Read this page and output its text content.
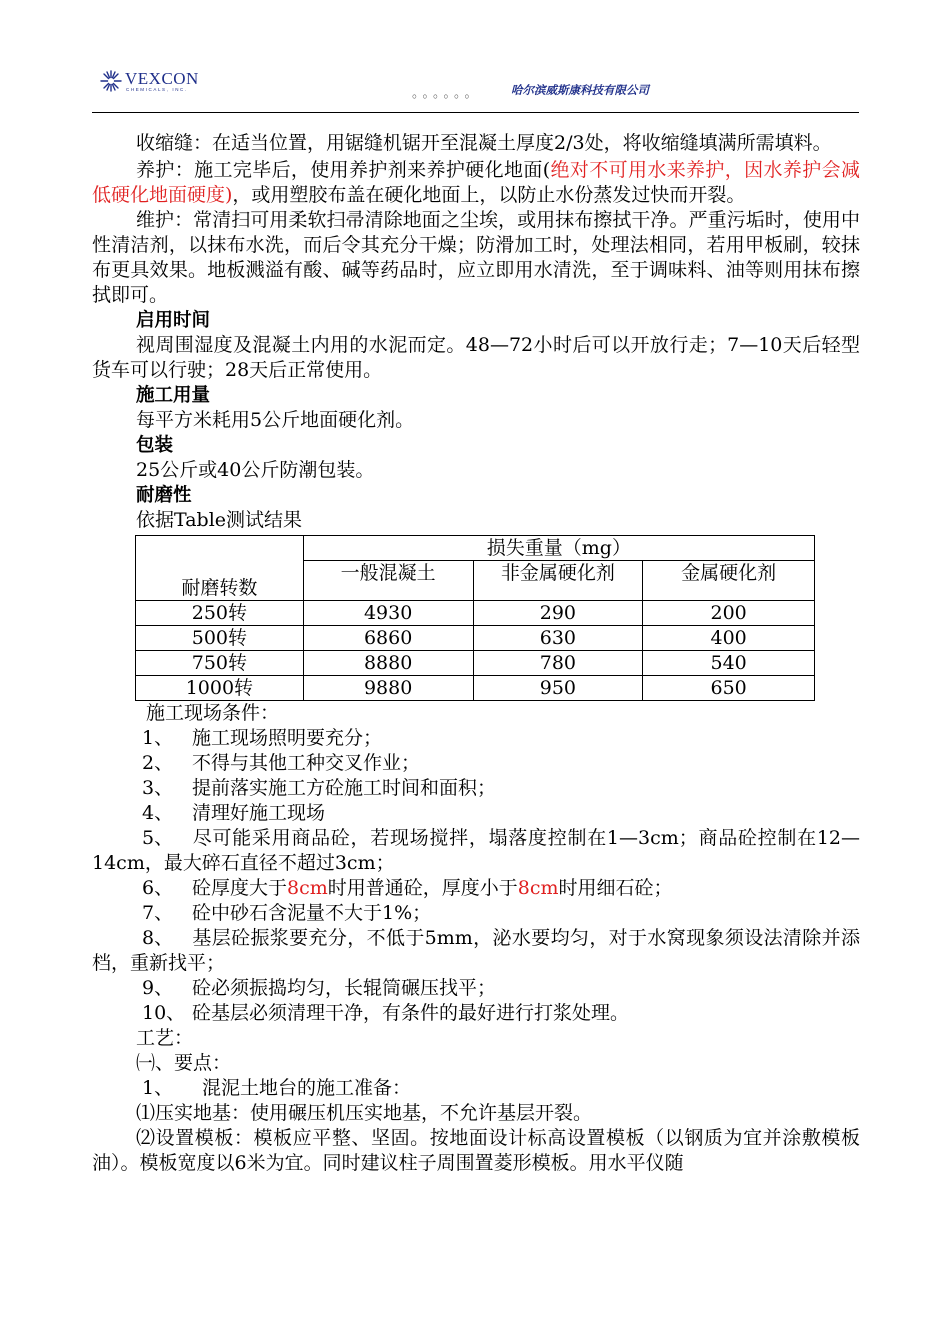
VEXCON
CHEMICALS, INC.	。。。。。。	哈尔滨威斯康科技有限公司

收缩缝：在适当位置，用锯缝机锯开至混凝土厚度2/3处，将收缩缝填满所需填料。

养护：施工完毕后，使用养护剂来养护硬化地面(绝对不可用水来养护，因水养护会减低硬化地面硬度)，或用塑胶布盖在硬化地面上，以防止水份蒸发过快而开裂。

维护：常清扫可用柔软扫帚清除地面之尘埃，或用抹布擦拭干净。严重污垢时，使用中性清洁剂，以抹布水洗，而后令其充分干燥；防滑加工时，处理法相同，若用甲板刷，较抹布更具效果。地板溅溢有酸、碱等药品时，应立即用水清洗，至于调味料、油等则用抹布擦拭即可。

启用时间

视周围湿度及混凝土内用的水泥而定。48—72小时后可以开放行走；7—10天后轻型货车可以行驶；28天后正常使用。

施工用量

每平方米耗用5公斤地面硬化剂。

包装

25公斤或40公斤防潮包装。

耐磨性

依据Table测试结果

耐磨转数	损失重量（mg）		
	一般混凝土	非金属硬化剂	金属硬化剂
250转	4930	290	200
500转	6860	630	400
750转	8880	780	540
1000转	9880	950	650

施工现场条件：

1、 施工现场照明要充分；

2、 不得与其他工种交叉作业；

3、 提前落实施工方砼施工时间和面积；

4、 清理好施工现场

5、 尽可能采用商品砼，若现场搅拌，塌落度控制在1—3cm；商品砼控制在12—14cm，最大碎石直径不超过3cm；

6、 砼厚度大于8cm时用普通砼，厚度小于8cm时用细石砼；

7、 砼中砂石含泥量不大于1%；

8、 基层砼振浆要充分，不低于5mm，泌水要均匀，对于水窝现象须设法清除并添档，重新找平；

9、 砼必须振捣均匀，长辊筒碾压找平；

10、 砼基层必须清理干净，有条件的最好进行打浆处理。

工艺：

㈠、要点：

1、 混泥土地台的施工准备：

⑴压实地基：使用碾压机压实地基，不允许基层开裂。

⑵设置模板：模板应平整、坚固。按地面设计标高设置模板（以钢质为宜并涂敷模板油）。模板宽度以6米为宜。同时建议柱子周围置菱形模板。用水平仪随
